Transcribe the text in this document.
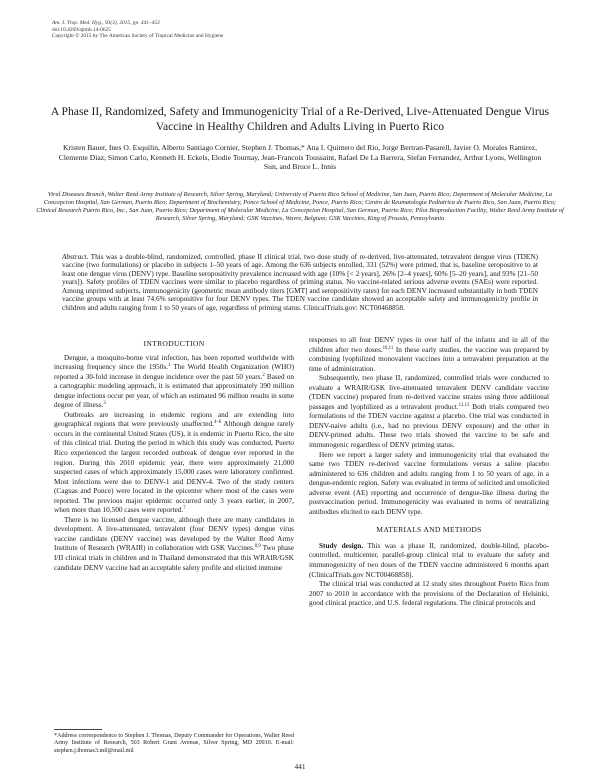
Am. J. Trop. Med. Hyg., 93(3), 2015, pp. 441–453
doi:10.4269/ajtmh.14-0625
Copyright © 2015 by The American Society of Tropical Medicine and Hygiene
A Phase II, Randomized, Safety and Immunogenicity Trial of a Re-Derived, Live-Attenuated Dengue Virus Vaccine in Healthy Children and Adults Living in Puerto Rico
Kristen Bauer, Ines O. Esquilin, Alberto Santiago Cornier, Stephen J. Thomas,* Ana I. Quintero del Rio, Jorge Bertran-Pasarell, Javier O. Morales Ramirez, Clemente Diaz, Simon Carlo, Kenneth H. Eckels, Elodie Tournay, Jean-Francois Toussaint, Rafael De La Barrera, Stefan Fernandez, Arthur Lyons, Wellington Sun, and Bruce L. Innis
Viral Diseases Branch, Walter Reed Army Institute of Research, Silver Spring, Maryland; University of Puerto Rico School of Medicine, San Juan, Puerto Rico; Department of Molecular Medicine, La Concepcion Hospital, San German, Puerto Rico; Department of Biochemistry, Ponce School of Medicine, Ponce, Puerto Rico; Centro de Reumatología Pediatrica de Puerto Rico, San Juan, Puerto Rico; Clinical Research Puerto Rico, Inc., San Juan, Puerto Rico; Department of Molecular Medicine, La Concepcion Hospital, San German, Puerto Rico; Pilot Bioproduction Facility, Walter Reed Army Institute of Research, Silver Spring, Maryland; GSK Vaccines, Wavre, Belgium; GSK Vaccines, King of Prussia, Pennsylvania
Abstract. This was a double-blind, randomized, controlled, phase II clinical trial, two dose study of re-derived, live-attenuated, tetravalent dengue virus (TDEN) vaccine (two formulations) or placebo in subjects 1–50 years of age. Among the 636 subjects enrolled, 331 (52%) were primed, that is, baseline seropositive to at least one dengue virus (DENV) type. Baseline seropositivity prevalence increased with age (10% [< 2 years], 26% [2–4 years], 60% [5–20 years], and 93% [21–50 years]). Safety profiles of TDEN vaccines were similar to placebo regardless of priming status. No vaccine-related serious adverse events (SAEs) were reported. Among unprimed subjects, immunogenicity (geometric mean antibody titers [GMT] and seropositivity rates) for each DENV increased substantially in both TDEN vaccine groups with at least 74.6% seropositive for four DENV types. The TDEN vaccine candidate showed an acceptable safety and immunogenicity profile in children and adults ranging from 1 to 50 years of age, regardless of priming status. ClinicalTrials.gov: NCT00468858.
INTRODUCTION

Dengue, a mosquito-borne viral infection, has been reported worldwide with increasing frequency since the 1950s.$^1$ The World Health Organization (WHO) reported a 30-fold increase in dengue incidence over the past 50 years.$^2$ Based on a cartographic modeling approach, it is estimated that approximately 390 million dengue infections occur per year, of which an estimated 96 million results in some degree of illness.$^3$

Outbreaks are increasing in endemic regions and are extending into geographical regions that were previously unaffected.$^{4-6}$ Although dengue rarely occurs in the continental United States (US), it is endemic in Puerto Rico, the site of this clinical trial. During the period in which this study was conducted, Puerto Rico experienced the largest recorded outbreak of dengue ever reported in the region. During this 2010 epidemic year, there were approximately 21,000 suspected cases of which approximately 15,000 cases were laboratory confirmed. Most infections were due to DENV-1 and DENV-4. Two of the study centers (Caguas and Ponce) were located in the epicenter where most of the cases were reported. The previous major epidemic occurred only 3 years earlier, in 2007, when more than 10,500 cases were reported.$^7$

There is no licensed dengue vaccine, although there are many candidates in development. A live-attenuated, tetravalent (four DENV types) dengue virus vaccine candidate (DENV vaccine) was developed by the Walter Reed Army Institute of Research (WRAIR) in collaboration with GSK Vaccines.$^{8,9}$ Two phase I/II clinical trials in children and in Thailand demonstrated that this WRAIR/GSK candidate DENV vaccine had an acceptable safety profile and elicited immune

responses to all four DENV types in over half of the infants and in all of the children after two doses.$^{10,11}$ In these early studies, the vaccine was prepared by combining lyophilized monovalent vaccines into a tetravalent preparation at the time of administration.

Subsequently, two phase II, randomized, controlled trials were conducted to evaluate a WRAIR/GSK live-attenuated tetravalent DENV candidate vaccine (TDEN vaccine) prepared from re-derived vaccine strains using three additional passages and lyophilized as a tetravalent product.$^{12,13}$ Both trials compared two formulations of the TDEN vaccine against a placebo. One trial was conducted in DENV-naive adults (i.e., had no previous DENV exposure) and the other in DENV-primed adults. These two trials showed the vaccine to be safe and immunogenic regardless of DENV priming status.

Here we report a larger safety and immunogenicity trial that evaluated the same two TDEN re-derived vaccine formulations versus a saline placebo administered to 636 children and adults ranging from 1 to 50 years of age, in a dengue-endemic region. Safety was evaluated in terms of solicited and unsolicited adverse event (AE) reporting and occurrence of dengue-like illness during the postvaccination period. Immunogenicity was evaluated in terms of neutralizing antibodies elicited to each DENV type.

MATERIALS AND METHODS

Study design. This was a phase II, randomized, double-blind, placebo-controlled, multicenter, parallel-group clinical trial to evaluate the safety and immunogenicity of two doses of the TDEN vaccine administered 6 months apart (ClinicalTrials.gov NCT00468858).

The clinical trial was conducted at 12 study sites throughout Puerto Rico from 2007 to 2010 in accordance with the provisions of the Declaration of Helsinki, good clinical practice, and U.S. federal regulations. The clinical protocols and

*Address correspondence to Stephen J. Thomas, Deputy Commander for Operations, Walter Reed Army Institute of Research, 503 Robert Grant Avenue, Silver Spring, MD 20910. E-mail: stephen.j.thomas3.mil@mail.mil
441
